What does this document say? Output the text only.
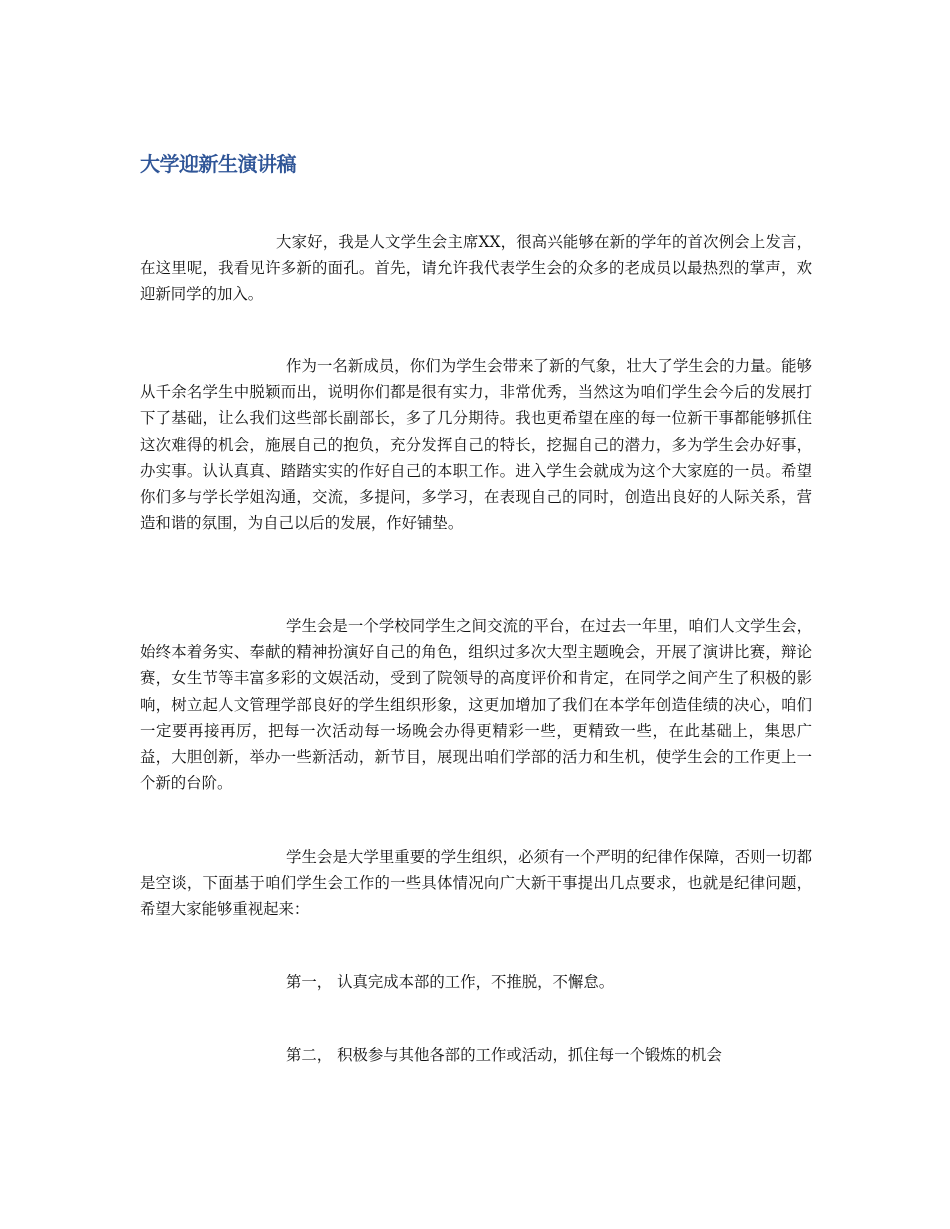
大学迎新生演讲稿

大家好，我是人文学生会主席XX，很高兴能够在新的学年的首次例会上发言，在这里呢，我看见许多新的面孔。首先，请允许我代表学生会的众多的老成员以最热烈的掌声，欢迎新同学的加入。

作为一名新成员，你们为学生会带来了新的气象，壮大了学生会的力量。能够从千余名学生中脱颖而出，说明你们都是很有实力，非常优秀，当然这为咱们学生会今后的发展打下了基础，让么我们这些部长副部长，多了几分期待。我也更希望在座的每一位新干事都能够抓住这次难得的机会，施展自己的抱负，充分发挥自己的特长，挖掘自己的潜力，多为学生会办好事，办实事。认认真真、踏踏实实的作好自己的本职工作。进入学生会就成为这个大家庭的一员。希望你们多与学长学姐沟通，交流，多提问，多学习，在表现自己的同时，创造出良好的人际关系，营造和谐的氛围，为自己以后的发展，作好铺垫。

学生会是一个学校同学生之间交流的平台，在过去一年里，咱们人文学生会，始终本着务实、奉献的精神扮演好自己的角色，组织过多次大型主题晚会，开展了演讲比赛，辩论赛，女生节等丰富多彩的文娱活动，受到了院领导的高度评价和肯定，在同学之间产生了积极的影响，树立起人文管理学部良好的学生组织形象，这更加增加了我们在本学年创造佳绩的决心，咱们一定要再接再厉，把每一次活动每一场晚会办得更精彩一些，更精致一些，在此基础上，集思广益，大胆创新，举办一些新活动，新节目，展现出咱们学部的活力和生机，使学生会的工作更上一个新的台阶。

学生会是大学里重要的学生组织，必须有一个严明的纪律作保障，否则一切都是空谈，下面基于咱们学生会工作的一些具体情况向广大新干事提出几点要求，也就是纪律问题，希望大家能够重视起来：

第一， 认真完成本部的工作，不推脱，不懈怠。

第二， 积极参与其他各部的工作或活动，抓住每一个锻炼的机会
